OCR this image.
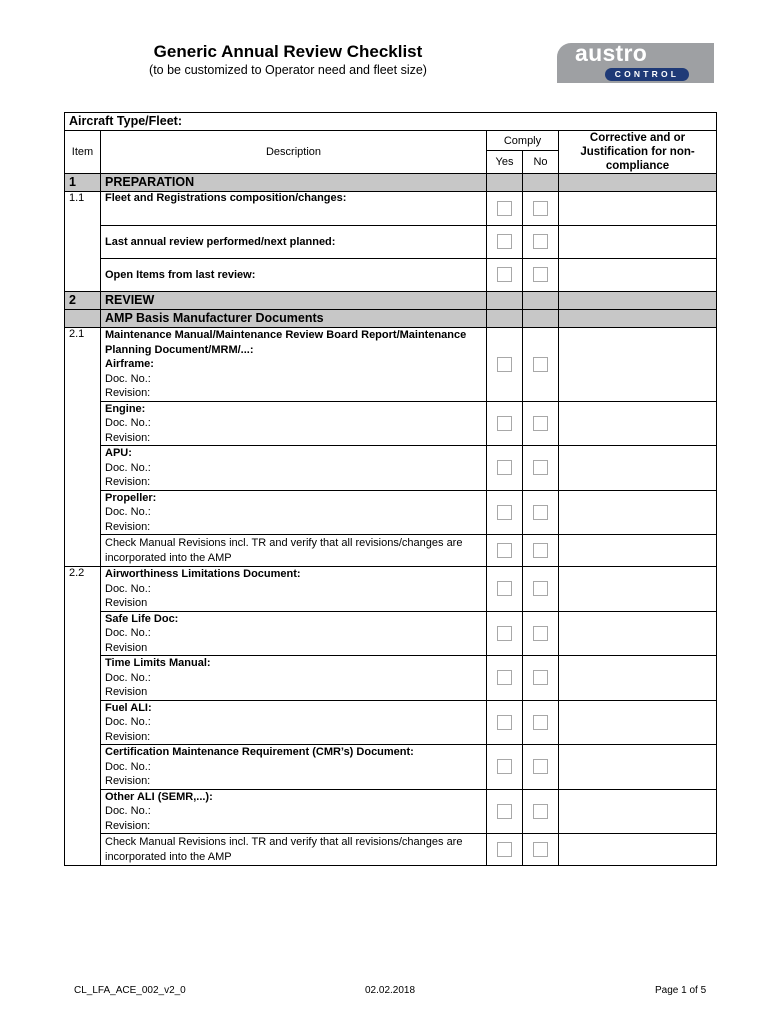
Generic Annual Review Checklist
(to be customized to Operator need and fleet size)
austro
CONTROL
Aircraft Type/Fleet:				
Item	Description	Comply		Corrective and or Justification for non-compliance
		Yes	No	
1	PREPARATION			
1.1	Fleet and Registrations composition/changes:	

	Last annual review performed/next planned:	

	Open Items from last review:	

2	REVIEW			
	AMP Basis Manufacturer Documents			
2.1	Maintenance Manual/Maintenance Review Board Report/Maintenance Planning Document/MRM/...:
Airframe:
Doc. No.:
Revision:			

	Engine:
Doc. No.:
Revision:			

	APU:
Doc. No.:
Revision:			

	Propeller:
Doc. No.:
Revision:			

	Check Manual Revisions incl. TR and verify that all revisions/changes are incorporated into the AMP	

2.2	Airworthiness Limitations Document:
Doc. No.:
Revision			

	Safe Life Doc:
Doc. No.:
Revision			

	Time Limits Manual:
Doc. No.:
Revision			

	Fuel ALI:
Doc. No.:
Revision:			

	Certification Maintenance Requirement (CMR’s) Document:
Doc. No.:
Revision:			

	Other ALI (SEMR,...):
Doc. No.:
Revision:			

	Check Manual Revisions incl. TR and verify that all revisions/changes are incorporated into the AMP	

CL_LFA_ACE_002_v2_0	02.02.2018	Page 1 of 5
